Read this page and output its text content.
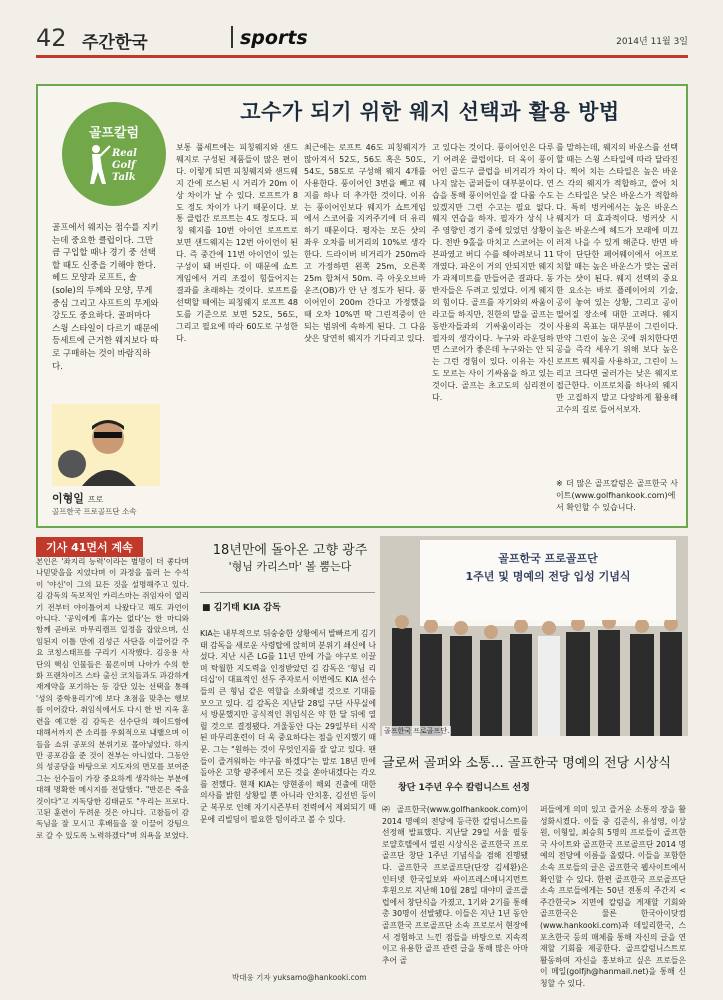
42 주간한국	sports	2014년 11월 3일
골프칼럼
Real Golf Talk
고수가 되기 위한 웨지 선택과 활용 방법
골프에서 웨지는 점수를 지키는데 중요한 클럽이다. 그만큼 구입할 때나 경기 중 선택할 때도 신중을 기해야 한다. 헤드 모양과 로프트, 솔(sole)의 두께와 모양, 무게중심 그리고 샤프트의 무게와 강도도 중요하다. 골퍼마다 스윙 스타일이 다르기 때문에 등세트에 근거한 웨지보다 따로 구매하는 것이 바람직하다.
이형일 프로
골프한국 프로골프단 소속
보통 풀세트에는 피칭웨지와 샌드웨지로 구성된 제품들이 많은 편이다. 이렇게 되면 피칭웨지와 샌드웨지 간에 로스된 시 거리가 20m 이상 차이가 날 수 있다. 로프트가 8도 정도 차이가 나기 때문이다. 보통 클럽간 로프트는 4도 정도다. 피칭 웨지를 10번 아이언 로프트로 보면 샌드웨지는 12번 아이언이 된다. 즉 중간에 11번 아이언이 있는 구성이 돼 버린다. 이 때문에 쇼트게임에서 거리 조절이 힘들어지는 결과를 초래하는 것이다. 로프트를 선택할 때에는 피칭웨지 로프트 48도를 기준으로 보면 52도, 56도, 그리고 필요에 따라 60도로 구성한다.
최근에는 로프트 46도 피칭웨지가 많아져서 52도, 56도 혹은 50도, 54도, 58도로 구성해 웨지 4개를 사용한다. 풍이어인 3번을 빼고 웨지를 하나 더 추가한 것이다. 이유는 풍이어인보다 웨지가 쇼트게임에서 스코어를 지켜주기에 더 유리하기 때문이다. 평자는 모든 샷의 좌우 오차를 비거리의 10%로 생각한다. 드라이버 비거리가 250m라고 가정하면 왼쪽 25m, 오른쪽 25m 합쳐서 50m. 즉 아웃오브바운즈(OB)가 안 난 정도가 된다. 풍이어인이 200m 간다고 가정했을 때 오차 10%면 딱 그린적중이 안 되는 범위에 속하게 된다. 그 다음 샷은 당연히 웨지가 기다리고 있다.
고 있다는 것이다. 풍이어인은 다루기 어려운 클럽이다. 더 욱이 풍이어인 골드구 클럽을 비거리가 차이 나지 않는 골퍼들이 대부분이다. 연습을 통해 풍이어인을 잘 다룰 수도 있겠지만 그런 수고는 필요 없다. 웨지 연습을 하자. 필자가 상식 나주 영향인 경기 중에 있었던 상황이다. 전반 9홀을 마치고 스코어는 이븐파였고 버디 수를 헤아려보니 11개였다. 파온이 거의 안되지만 웨지가 과제미트를 만들어준 결과다. 동반자들은 두려고 있었다. 이게 웨지의 힘이다. 골프를 자기와의 싸움이라고들 하지만, 친한의 말을 골프는 동반자들과의 기싸움이라는 것이 필자의 생각이다. 누구와 라운딩하면 스코어가 좋은데 누구와는 안 되는 그런 경험이 있다. 이유는 자신도 모르는 사이 기싸움을 하고 있는 것이다. 골프는 초고도의 심리전이다.
를 말하는데, 웨지의 바운스를 선택할 때는 스윙 스타일에 따라 달라진다. 찍어 치는 스타일은 높은 바운스 각의 웨지가 적합하고, 쓸어 치는 스타일은 낮은 바운스가 적합하다. 특히 벙커에서는 높은 바운스 웨지가 더 효과적이다. 벙커샷 시 높은 바운스에 헤드가 모래에 미끄러져 나을 수 있게 해준다. 반면 바닥이 단단한 페어웨이에서 어프로치할 때는 높은 바운스가 맞는 굴러가는 샷이 된다. 웨지 선택의 중요한 요소는 바로 플레이어의 기술, 공이 놓여 있는 상황, 그리고 공이 떨어질 장소에 대한 고려다. 웨지 사용의 목표는 대부분이 그린이다. 만약 그린이 높은 곳에 위치한다면 공을 즉각 세우기 위해 보다 높은 로프트 웨지를 사용하고, 그린이 느리고 크다면 굴러가는 낮은 웨지로 접근한다. 이프로치를 하나의 웨지만 고집하지 말고 다양하게 활용해 고수의 길로 들어서보자.
※ 더 많은 골프칼럼은 골프한국 사이트(www.golfhankook.com)에서 확인할 수 있습니다.
기사 41면서 계속
본인은 '좌지리 능력'이라는 별명이 더 좋다며 나믿맞을을 지었다며 이 과정을 둘러 는 수석이 '야신'이 그의 묘든 것을 설명해주고 있다. 김 감독의 독보적인 카리스마는 쥐임자이 열리기 전부터 야이틀어져 나왔다고 해도 과언이 아니다. '공익에게 휴가는 없다'는 한 마디와 함께 곧바로 마무리캠프 일정을 잡았으며, 신임된지 이틀 만에 김성근 사단을 이끌어갈 주요 코칭스태프를 구리기 시작했다. 김응용 사단의 핵심 인물들은 물론이며 나아가 수의 한화 프랜차이즈 스타 출신 코치들과도 과감하게 재계약을 포기하는 등 강단 있는 선택을 통해 '성의 중학용리기'에 보다 초점을 맞추는 행보를 이어갔다. 취임식에서도 다시 한 번 지옥 훈련을 예고한 김 감독은 선수단의 해이드함에 대해서까지 쓴 소리를 우회적으로 내뱉으며 이들을 쇼위 공포의 분위기로 몰아넣었다. 하지만 공포감을 준 것이 전부는 아니었다. 그동안의 성공담을 바탕으로 지도자의 면모를 보여준 그는 선수들이 가장 중요하게 생각하는 부분에 대해 명확한 메시지를 전달했다. "반론은 죽을 것이다"고 지독당한 김태균도 "우리는 프로다. 고된 훈련이 두려운 것은 아니다. 고참들이 감독님을 잘 모시고 후배들을 잘 이끌어 강팀으로 갈 수 있도록 노력하겠다"며 의욕을 보였다.
18년만에 돌아온 고향 광주
'형님 카리스마' 볼 뿜는다
■ 김기태 KIA 감독
KIA는 내부적으로 뒤숭숭한 상황에서 발빠르게 김기태 감독을 새로운 사령탑에 앉히며 분위기 쇄신에 나섰다. 지난 시즌 LG를 11년 만에 가을 야구로 이끌며 탁월한 지도력을 인정받았던 김 감독은 '형님 리더십'이 대표적인 선두 주자로서 이번에도 KIA 선수들의 큰 형님 같은 역할을 소화해낼 것으로 기대를 모으고 있다. 김 감독은 지난달 28일 구단 사무실에서 방문했지만 공식적인 취임식은 약 한 달 뒤에 열릴 것으로 결정됐다. 겨울동안 다는 29일부터 시작된 마무리훈련이 더 욱 중요하다는 점을 인지했기 때문. 그는 "원하는 것이 무엇인지를 잘 알고 있다. 팬 들이 즐겨워하는 야구를 하겠다"는 말로 18년 만에 돌아온 고향 광주에서 모든 것을 쏟아내겠다는 각오를 전했다. 현재 KIA는 양현종이 해외 진출에 대한 의사를 밝힌 상황일 뿐 아니라 안치홍, 김선빈 등이 군 복무로 인해 자기시즌부터 전력에서 제외되기 때문에 리빌딩이 필요한 팀이라고 볼 수 있다.
박대웅 기자 yuksamo@hankooki.com
골프한국 프로골프단
1주년 및 명예의 전당 입성 기념식
골프한국 프로골프단.
글로써 골퍼와 소통… 골프한국 명예의 전당 시상식
창단 1주년 우수 칼럼니스트 선정
㈜골프한국(www.golfhankook.com)이 2014 명예의 전당에 등극한 칼럼니스트를 선정해 발표했다. 지난달 29일 서울 필동 로얄호텔에서 열린 시상식은 골프한국 프로골프단 창단 1주년 기념식을 겸해 진행됐다. 골프한국 프로골프단(단장 김세환)은 인터넷 한국일보와 싸이프레스메니지먼트 후원으로 지난해 10월 28일 대야미 골프클럽에서 창단식을 가졌고, 1기와 2기를 통해 총 30명이 선발됐다. 이들은 지난 1년 동안 골프한국 프로골프단 소속 프로로서 현장에서 경험하고 느낀 점들을 바탕으로 지속적이고 유용한 골프 관련 글을 통해 많은 아마추어 골
퍼들에게 의미 있고 즐거운 소통의 장을 활성화시켰다. 이들 중 김준식, 유성영, 이상원, 이형일, 최승희 5명의 프로들이 골프한국 사이트와 골프한국 프로골프단 2014 명예의 전당에 이름을 올렸다. 이들을 포함한 소속 프로들의 글은 골프한국 웹사이트에서 확인할 수 있다. 한편 골프한국 프로골프단 소속 프로들에게는 50년 전통의 주간지 <주간한국> 지면에 칼럼을 게재할 기회와 골프한국은 물론 한국아이닷컴(www.hankooki.com)과 데일리한국, 스포츠한국 등의 매체를 통해 자신의 글을 연재할 기회를 제공한다. 골프칼럼니스트로 활동하며 자신을 홍보하고 싶은 프로들은 이 메일(golfjh@hanmail.net)을 통해 신청할 수 있다.
